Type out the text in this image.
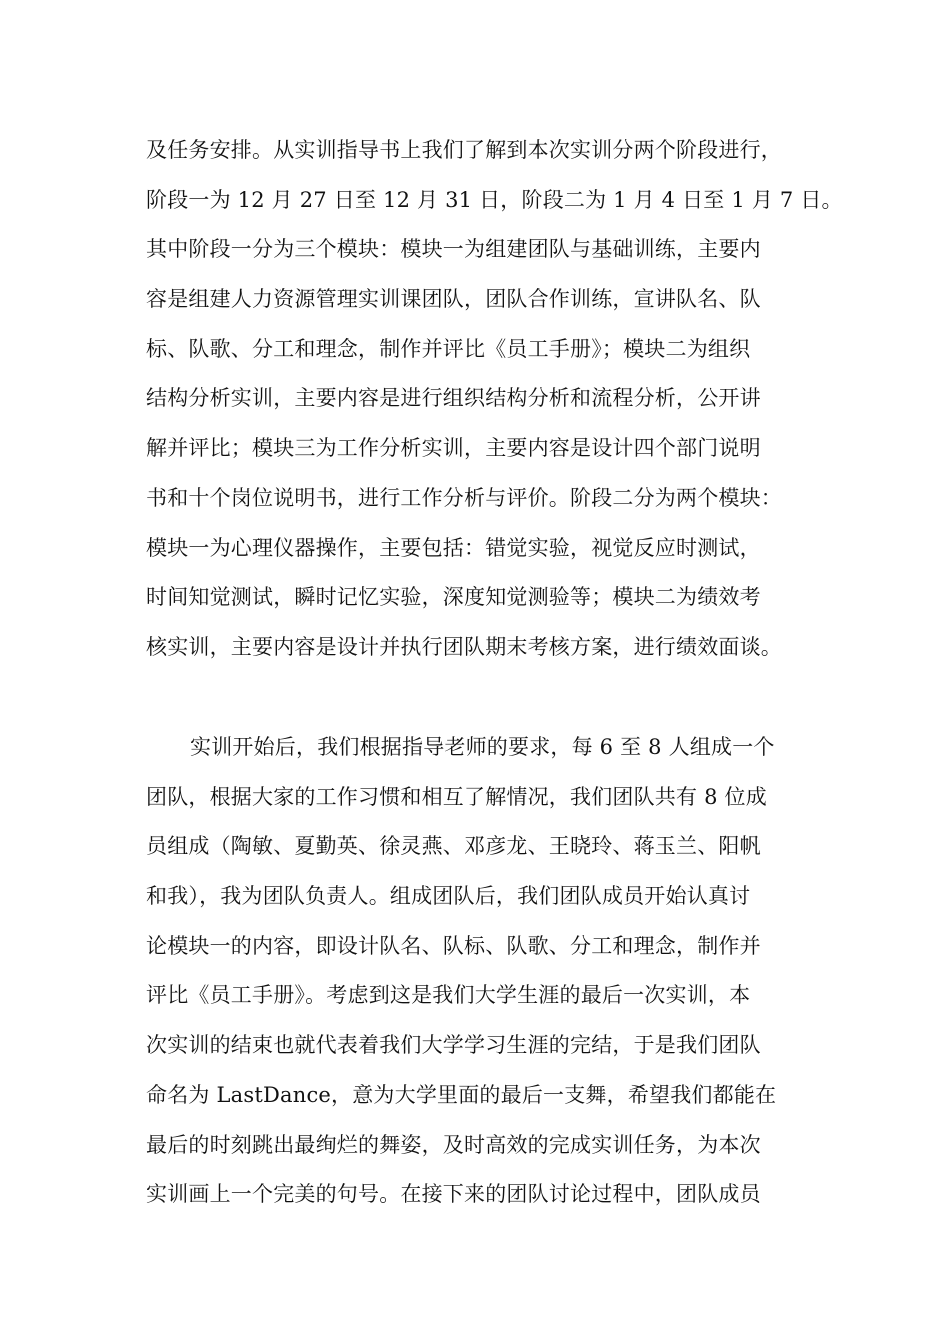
及任务安排。从实训指导书上我们了解到本次实训分两个阶段进行，
阶段一为 12 月 27 日至 12 月 31 日，阶段二为 1 月 4 日至 1 月 7 日。
其中阶段一分为三个模块：模块一为组建团队与基础训练，主要内
容是组建人力资源管理实训课团队，团队合作训练，宣讲队名、队
标、队歌、分工和理念，制作并评比《员工手册》；模块二为组织
结构分析实训，主要内容是进行组织结构分析和流程分析，公开讲
解并评比；模块三为工作分析实训，主要内容是设计四个部门说明
书和十个岗位说明书，进行工作分析与评价。阶段二分为两个模块：
模块一为心理仪器操作，主要包括：错觉实验，视觉反应时测试，
时间知觉测试，瞬时记忆实验，深度知觉测验等；模块二为绩效考
核实训，主要内容是设计并执行团队期末考核方案，进行绩效面谈。
实训开始后，我们根据指导老师的要求，每 6 至 8 人组成一个
团队，根据大家的工作习惯和相互了解情况，我们团队共有 8 位成
员组成（陶敏、夏勤英、徐灵燕、邓彦龙、王晓玲、蒋玉兰、阳帆
和我），我为团队负责人。组成团队后，我们团队成员开始认真讨
论模块一的内容，即设计队名、队标、队歌、分工和理念，制作并
评比《员工手册》。考虑到这是我们大学生涯的最后一次实训，本
次实训的结束也就代表着我们大学学习生涯的完结，于是我们团队
命名为 LastDance，意为大学里面的最后一支舞，希望我们都能在
最后的时刻跳出最绚烂的舞姿，及时高效的完成实训任务，为本次
实训画上一个完美的句号。在接下来的团队讨论过程中，团队成员
